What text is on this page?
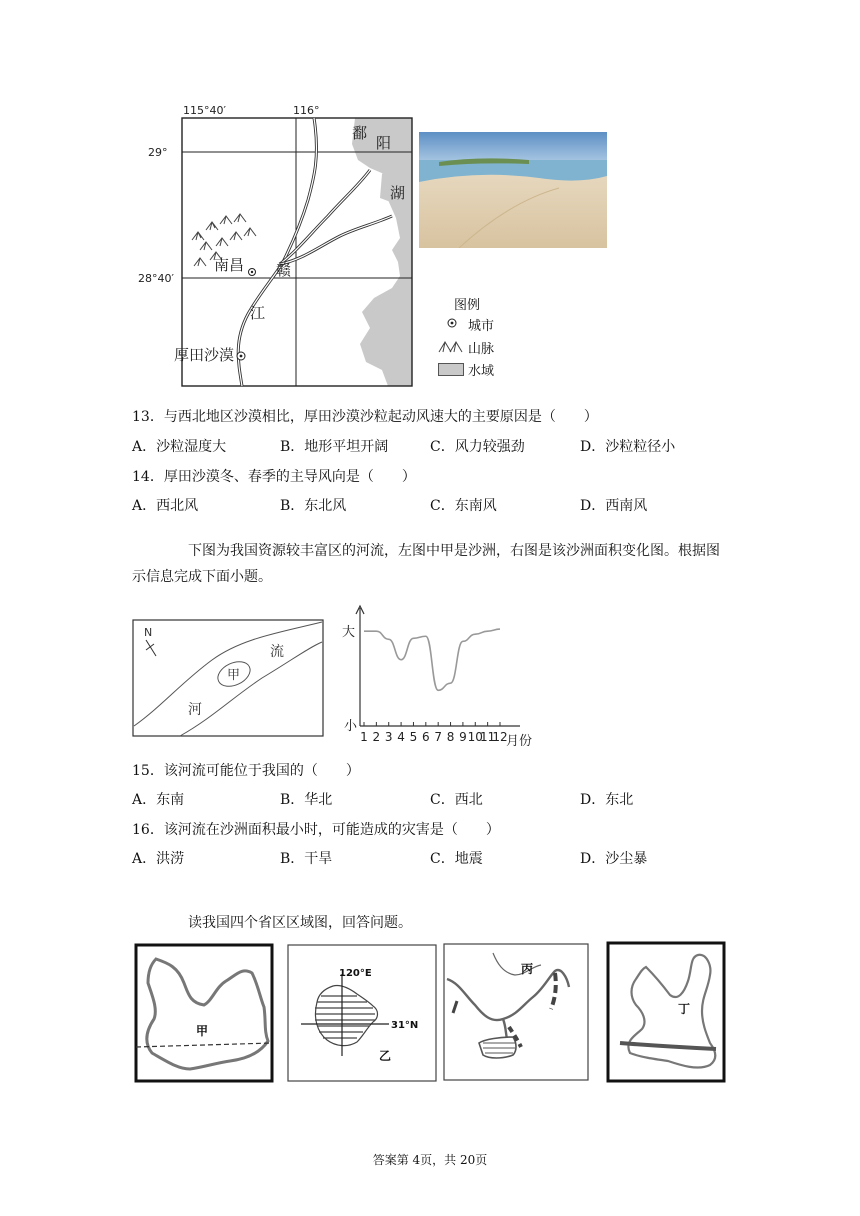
115°40′	116°
29°
28°40′
鄱
阳
湖
南昌 赣
江
厚田沙漠
图例
城市
山脉
水域
13．与西北地区沙漠相比，厚田沙漠沙粒起动风速大的主要原因是（　　）
A．沙粒湿度大	B．地形平坦开阔	C．风力较强劲	D．沙粒粒径小
14．厚田沙漠冬、春季的主导风向是（　　）
A．西北风	B．东北风	C．东南风	D．西南风
下图为我国资源较丰富区的河流，左图中甲是沙洲，右图是该沙洲面积变化图。根据图示信息完成下面小题。
N
甲
流
河
大
小
1 2 3 4 5 6 7 8 9 10
11
12
月份
15．该河流可能位于我国的（　　）
A．东南	B．华北	C．西北	D．东北
16．该河流在沙洲面积最小时，可能造成的灾害是（　　）
A．洪涝	B．干旱	C．地震	D．沙尘暴
读我国四个省区区域图，回答问题。
甲
120°E
31°N
乙
丙
丁
答案第 4页，共 20页
